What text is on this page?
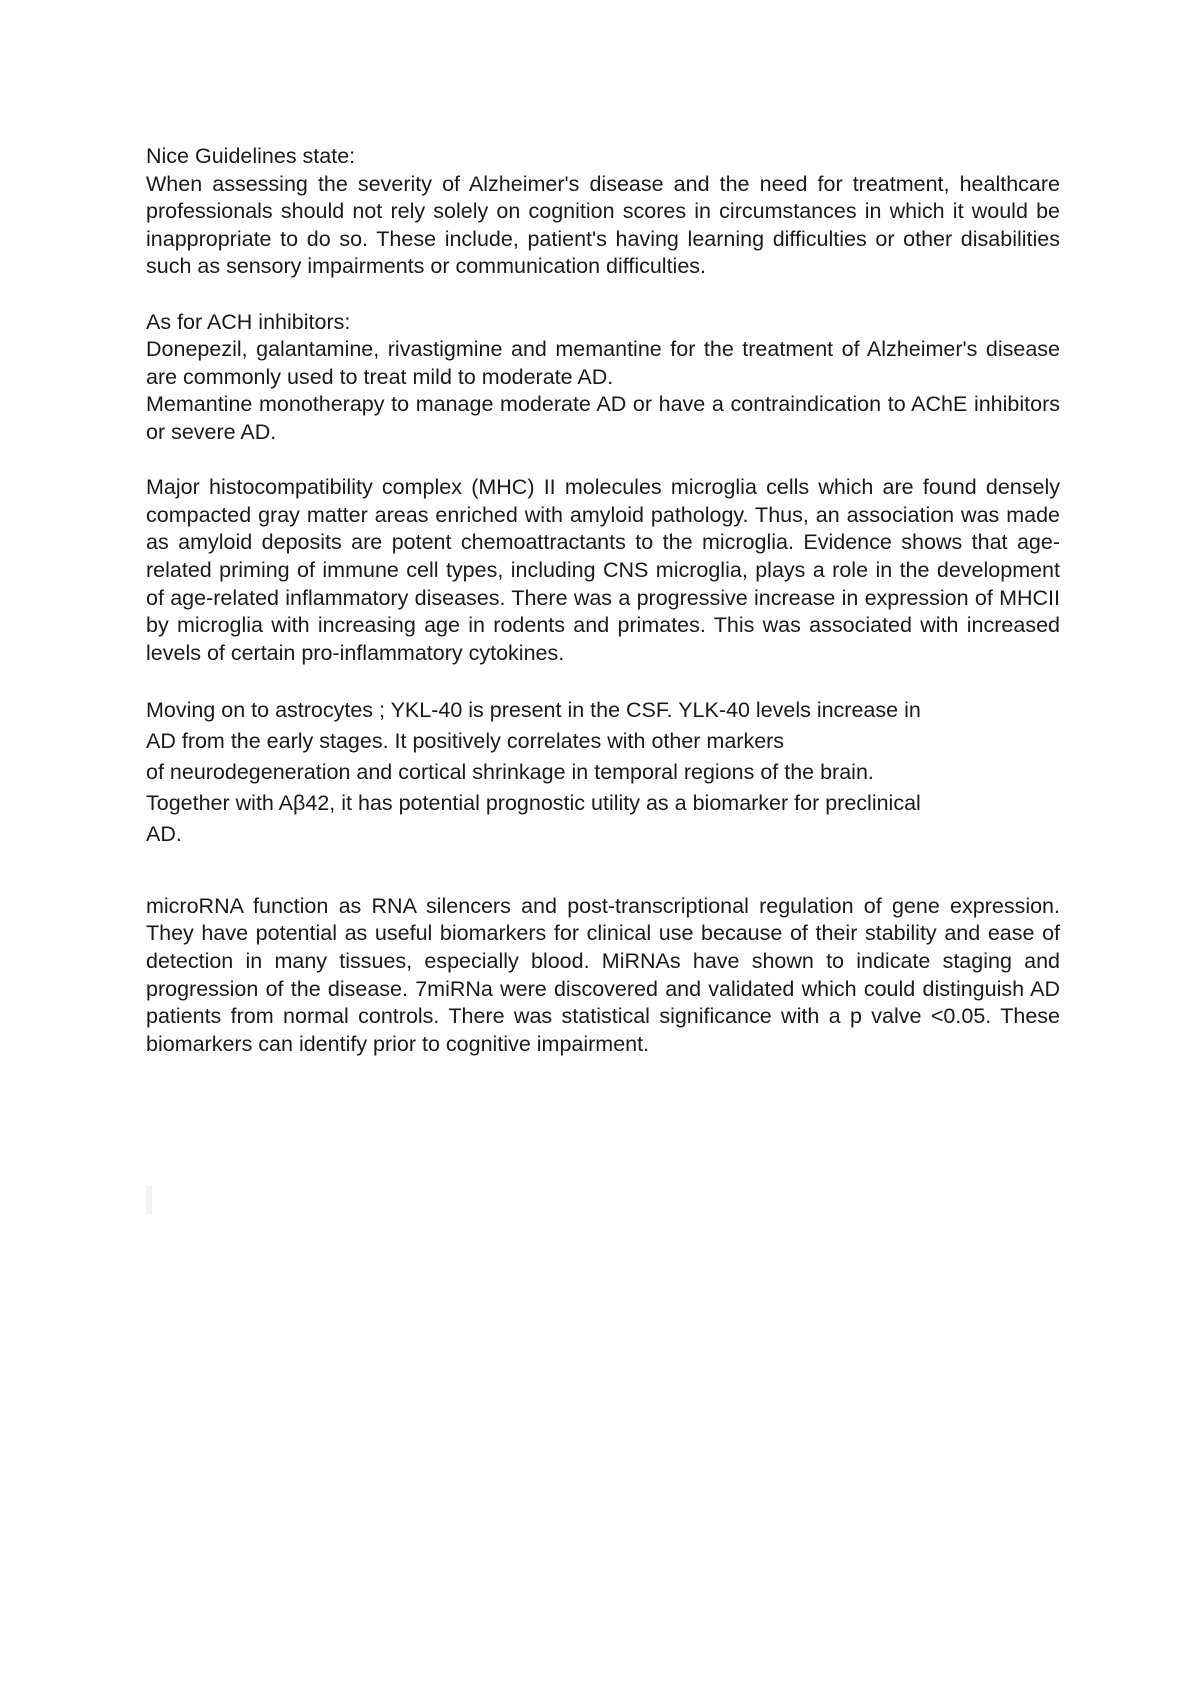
Nice Guidelines state:

When assessing the severity of Alzheimer's disease and the need for treatment, healthcare professionals should not rely solely on cognition scores in circumstances in which it would be inappropriate to do so. These include, patient's having learning difficulties or other disabilities such as sensory impairments or communication difficulties.

As for ACH inhibitors:

Donepezil, galantamine, rivastigmine and memantine for the treatment of Alzheimer's disease are commonly used to treat mild to moderate AD.

Memantine monotherapy to manage moderate AD or have a contraindication to AChE inhibitors or severe AD.

Major histocompatibility complex (MHC) II molecules microglia cells which are found densely compacted gray matter areas enriched with amyloid pathology. Thus, an association was made as amyloid deposits are potent chemoattractants to the microglia. Evidence shows that age-related priming of immune cell types, including CNS microglia, plays a role in the development of age-related inflammatory diseases. There was a progressive increase in expression of MHCII by microglia with increasing age in rodents and primates. This was associated with increased levels of certain pro-inflammatory cytokines.

Moving on to astrocytes ; YKL-40 is present in the CSF. YLK-40 levels increase in
AD from the early stages. It positively correlates with other markers
of neurodegeneration and cortical shrinkage in temporal regions of the brain.
Together with Aβ42, it has potential prognostic utility as a biomarker for preclinical
AD.

microRNA function as RNA silencers and post-transcriptional regulation of gene expression. They have potential as useful biomarkers for clinical use because of their stability and ease of detection in many tissues, especially blood. MiRNAs have shown to indicate staging and progression of the disease. 7miRNa were discovered and validated which could distinguish AD patients from normal controls. There was statistical significance with a p valve <0.05. These biomarkers can identify prior to cognitive impairment.
